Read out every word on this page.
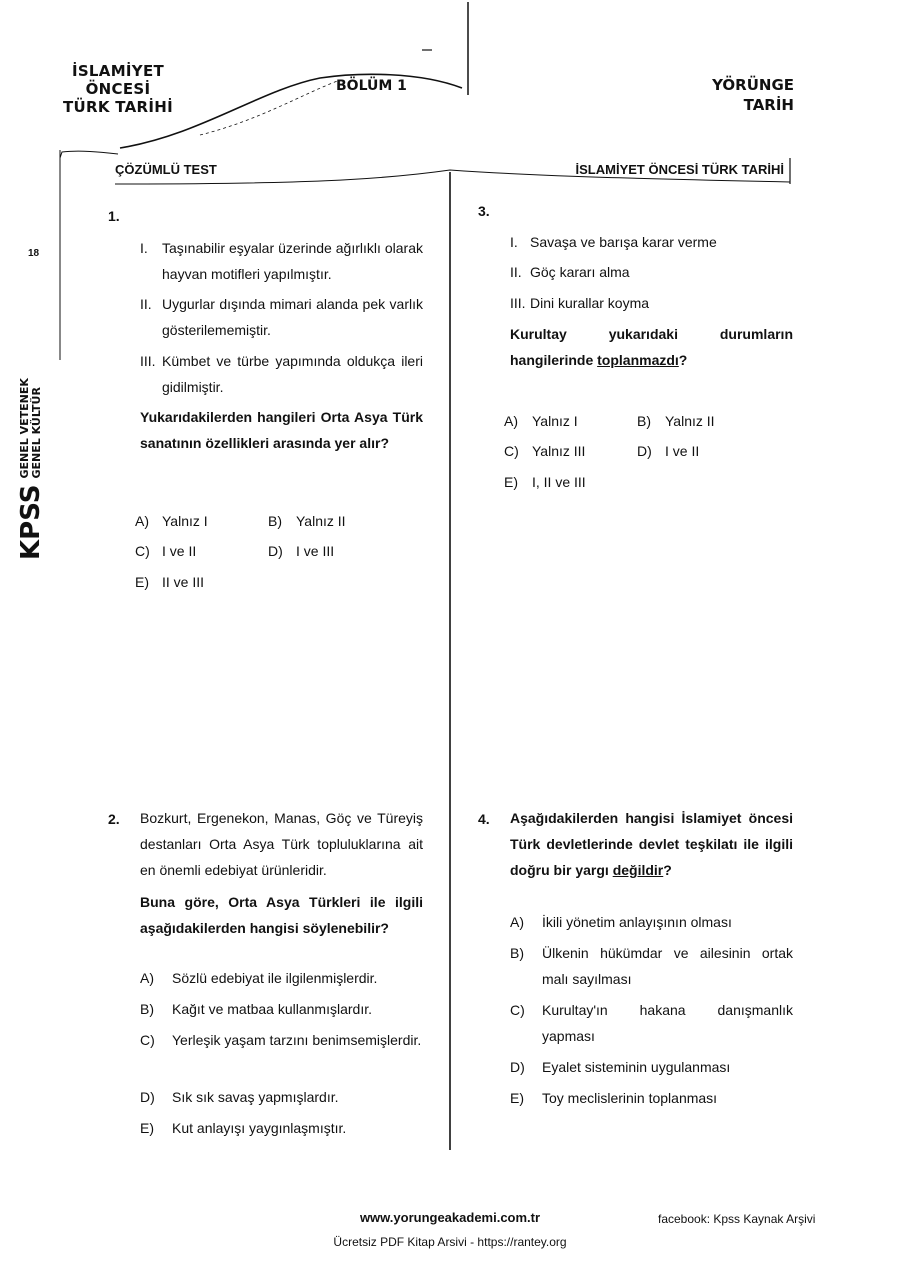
İSLAMİYET ÖNCESİ
TÜRK TARİHİ
BÖLÜM 1	YÖRÜNGE
TARİH
ÇÖZÜMLÜ TEST	İSLAMİYET ÖNCESİ TÜRK TARİHİ
18
KPSS
GENEL VETENEK GENEL KÜLTÜR
1.
I.	Taşınabilir eşyalar üzerinde ağırlıklı olarak hayvan motifleri yapılmıştır.
II. Uygurlar dışında mimari alanda pek varlık gösterilememiştir.
III. Kümbet ve türbe yapımında oldukça ileri gidilmiştir.
Yukarıdakilerden hangileri Orta Asya Türk sanatının özellikleri arasında yer alır?
A) Yalnız I	B) Yalnız II
C) I ve II	D) I ve III
E) II ve III
2. Bozkurt, Ergenekon, Manas, Göç ve Türeyiş destanları Orta Asya Türk topluluklarına ait en önemli edebiyat ürünleridir.
Buna göre, Orta Asya Türkleri ile ilgili aşağıdakilerden hangisi söylenebilir?
A)	Sözlü edebiyat ile ilgilenmişlerdir.
B)	Kağıt ve matbaa kullanmışlardır.
C)	Yerleşik yaşam tarzını benimsemişlerdir.
D)	Sık sık savaş yapmışlardır.
E)	Kut anlayışı yaygınlaşmıştır.
3.
I. Savaşa ve barışa karar verme
II. Göç kararı alma
III. Dini kurallar koyma
Kurultay yukarıdaki durumların hangilerinde toplanmazdı?
A) Yalnız I	B) Yalnız II
C) Yalnız III	D) I ve II
E) I, II ve III
4. Aşağıdakilerden hangisi İslamiyet öncesi Türk devletlerinde devlet teşkilatı ile ilgili doğru bir yargı değildir?
A)	İkili yönetim anlayışının olması
B)	Ülkenin hükümdar ve ailesinin ortak malı sayılması
C)	Kurultay'ın hakana danışmanlık yapması
D)	Eyalet sisteminin uygulanması
E)	Toy meclislerinin toplanması
www.yorungeakademi.com.tr	facebook: Kpss Kaynak Arşivi
Ücretsiz PDF Kitap Arsivi - https://rantey.org
